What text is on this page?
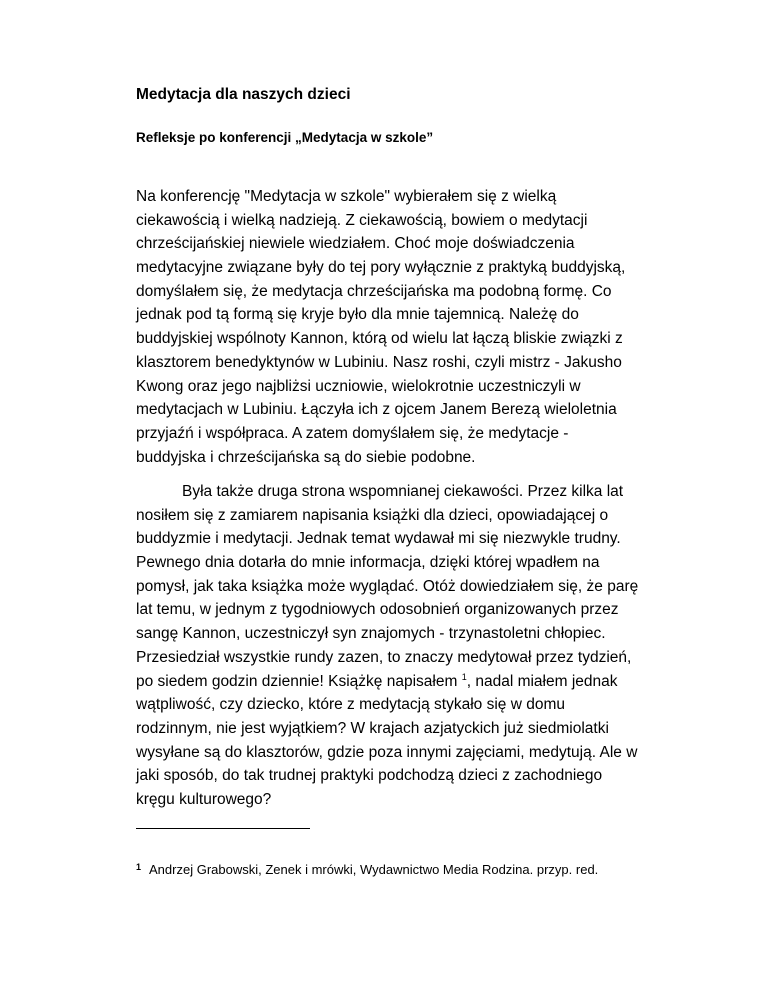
Medytacja dla naszych dzieci
Refleksje po konferencji „Medytacja w szkole”
Na konferencję "Medytacja w szkole" wybierałem się z wielką
ciekawością i wielką nadzieją. Z ciekawością, bowiem o medytacji
chrześcijańskiej niewiele wiedziałem. Choć moje doświadczenia
medytacyjne związane były do tej pory wyłącznie z praktyką buddyjską,
domyślałem się, że medytacja chrześcijańska ma podobną formę. Co
jednak pod tą formą się kryje było dla mnie tajemnicą. Należę do
buddyjskiej wspólnoty Kannon, którą od wielu lat łączą bliskie związki z
klasztorem benedyktynów w Lubiniu. Nasz roshi, czyli mistrz - Jakusho
Kwong oraz jego najbliżsi uczniowie, wielokrotnie uczestniczyli w
medytacjach w Lubiniu. Łączyła ich z ojcem Janem Berezą wieloletnia
przyjaźń i współpraca. A zatem domyślałem się, że medytacje -
buddyjska i chrześcijańska są do siebie podobne.
Była także druga strona wspomnianej ciekawości. Przez kilka lat
nosiłem się z zamiarem napisania książki dla dzieci, opowiadającej o
buddyzmie i medytacji. Jednak temat wydawał mi się niezwykle trudny.
Pewnego dnia dotarła do mnie informacja, dzięki której wpadłem na
pomysł, jak taka książka może wyglądać. Otóż dowiedziałem się, że parę
lat temu, w jednym z tygodniowych odosobnień organizowanych przez
sangę Kannon, uczestniczył syn znajomych - trzynastoletni chłopiec.
Przesiedział wszystkie rundy zazen, to znaczy medytował przez tydzień,
po siedem godzin dziennie! Książkę napisałem $^1$, nadal miałem jednak
wątpliwość, czy dziecko, które z medytacją stykało się w domu
rodzinnym, nie jest wyjątkiem? W krajach azjatyckich już siedmiolatki
wysyłane są do klasztorów, gdzie poza innymi zajęciami, medytują. Ale w
jaki sposób, do tak trudnej praktyki podchodzą dzieci z zachodniego
kręgu kulturowego?
$^1$ Andrzej Grabowski, Zenek i mrówki, Wydawnictwo Media Rodzina. przyp. red.
